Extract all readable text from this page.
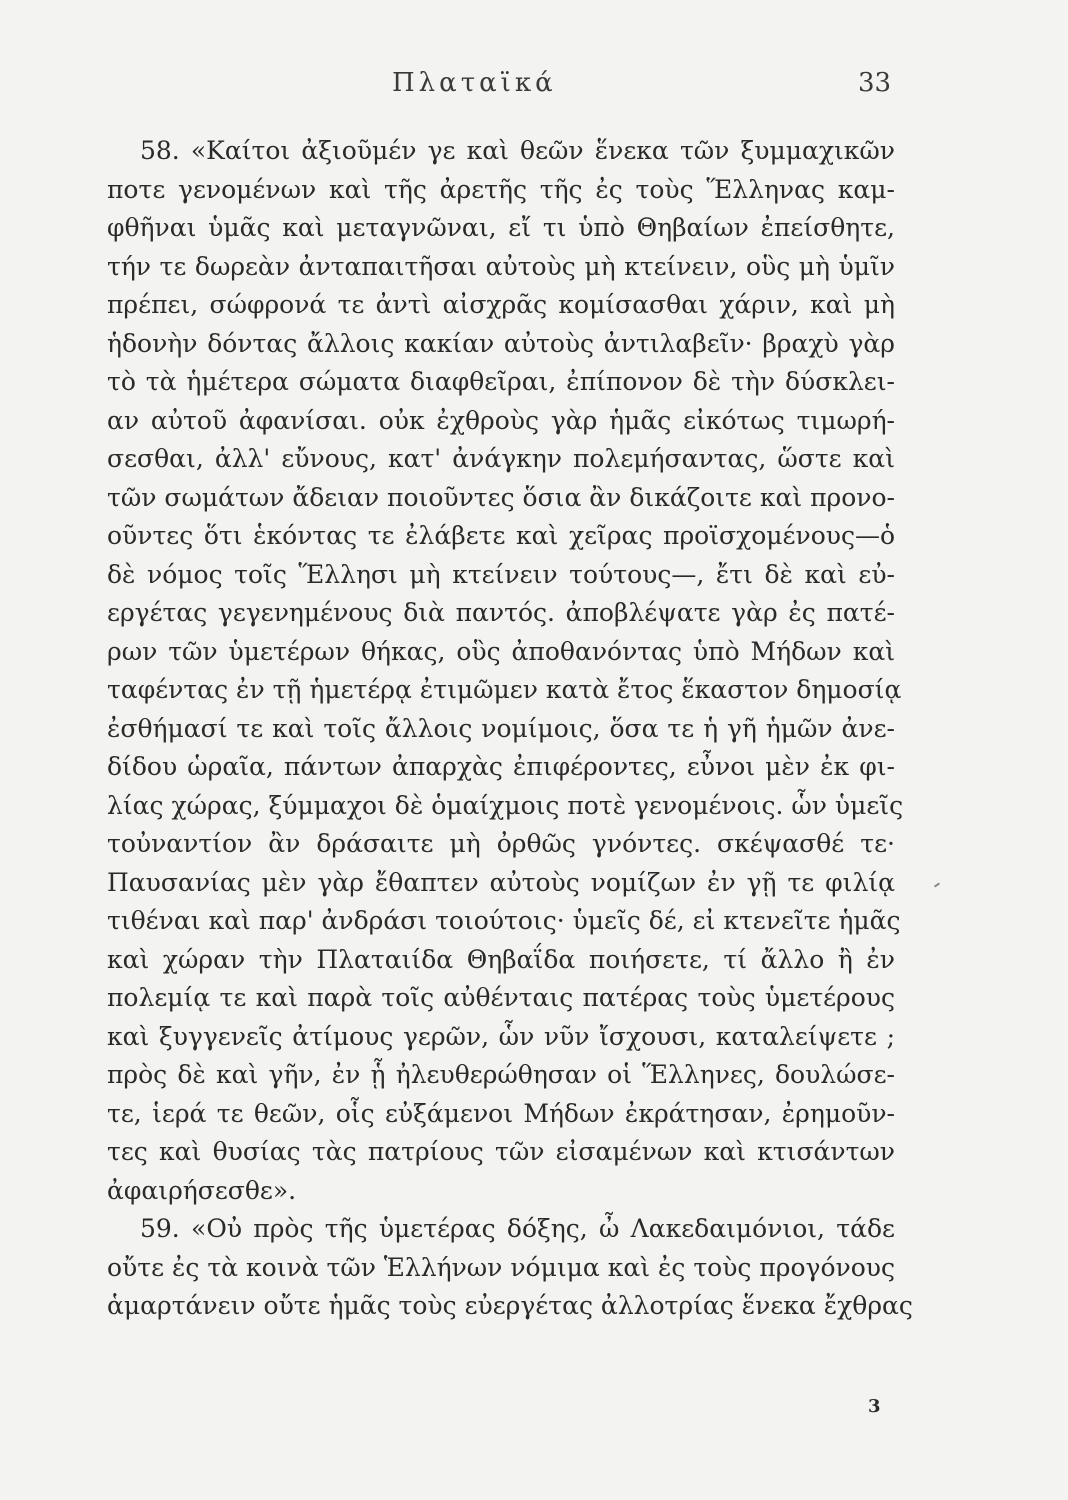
Πλαταϊκά	33
58. «Καίτοι ἀξιοῦμέν γε καὶ θεῶν ἕνεκα τῶν ξυμμαχικῶν
ποτε γενομένων καὶ τῆς ἀρετῆς τῆς ἐς τοὺς Ἕλληνας καμ-
φθῆναι ὑμᾶς καὶ μεταγνῶναι, εἴ τι ὑπὸ Θηβαίων ἐπείσθητε,
τήν τε δωρεὰν ἀνταπαιτῆσαι αὐτοὺς μὴ κτείνειν, οὓς μὴ ὑμῖν
πρέπει, σώφρονά τε ἀντὶ αἰσχρᾶς κομίσασθαι χάριν, καὶ μὴ
ἡδονὴν δόντας ἄλλοις κακίαν αὐτοὺς ἀντιλαβεῖν· βραχὺ γὰρ
τὸ τὰ ἡμέτερα σώματα διαφθεῖραι, ἐπίπονον δὲ τὴν δύσκλει-
αν αὐτοῦ ἀφανίσαι. οὐκ ἐχθροὺς γὰρ ἡμᾶς εἰκότως τιμωρή-
σεσθαι, ἀλλ' εὔνους, κατ' ἀνάγκην πολεμήσαντας, ὥστε καὶ
τῶν σωμάτων ἄδειαν ποιοῦντες ὅσια ἂν δικάζοιτε καὶ προνο-
οῦντες ὅτι ἑκόντας τε ἐλάβετε καὶ χεῖρας προϊσχομένους—ὁ
δὲ νόμος τοῖς Ἕλλησι μὴ κτείνειν τούτους—, ἔτι δὲ καὶ εὐ-
εργέτας γεγενημένους διὰ παντός. ἀποβλέψατε γὰρ ἐς πατέ-
ρων τῶν ὑμετέρων θήκας, οὓς ἀποθανόντας ὑπὸ Μήδων καὶ
ταφέντας ἐν τῇ ἡμετέρᾳ ἐτιμῶμεν κατὰ ἔτος ἕκαστον δημοσίᾳ
ἐσθήμασί τε καὶ τοῖς ἄλλοις νομίμοις, ὅσα τε ἡ γῆ ἡμῶν ἀνε-
δίδου ὡραῖα, πάντων ἀπαρχὰς ἐπιφέροντες, εὖνοι μὲν ἐκ φι-
λίας χώρας, ξύμμαχοι δὲ ὁμαίχμοις ποτὲ γενομένοις. ὧν ὑμεῖς
τοὐναντίον ἂν δράσαιτε μὴ ὀρθῶς γνόντες. σκέψασθέ τε·
Παυσανίας μὲν γὰρ ἔθαπτεν αὐτοὺς νομίζων ἐν γῇ τε φιλίᾳ
τιθέναι καὶ παρ' ἀνδράσι τοιούτοις· ὑμεῖς δέ, εἰ κτενεῖτε ἡμᾶς
καὶ χώραν τὴν Πλαταιίδα Θηβαΐδα ποιήσετε, τί ἄλλο ἢ ἐν
πολεμίᾳ τε καὶ παρὰ τοῖς αὐθένταις πατέρας τοὺς ὑμετέρους
καὶ ξυγγενεῖς ἀτίμους γερῶν, ὧν νῦν ἴσχουσι, καταλείψετε ;
πρὸς δὲ καὶ γῆν, ἐν ᾗ ἠλευθερώθησαν οἱ Ἕλληνες, δουλώσε-
τε, ἱερά τε θεῶν, οἷς εὐξάμενοι Μήδων ἐκράτησαν, ἐρημοῦν-
τες καὶ θυσίας τὰς πατρίους τῶν εἰσαμένων καὶ κτισάντων
ἀφαιρήσεσθε».
59. «Οὐ πρὸς τῆς ὑμετέρας δόξης, ὦ Λακεδαιμόνιοι, τάδε
οὔτε ἐς τὰ κοινὰ τῶν Ἑλλήνων νόμιμα καὶ ἐς τοὺς προγόνους
ἁμαρτάνειν οὔτε ἡμᾶς τοὺς εὐεργέτας ἀλλοτρίας ἕνεκα ἔχθρας
3
